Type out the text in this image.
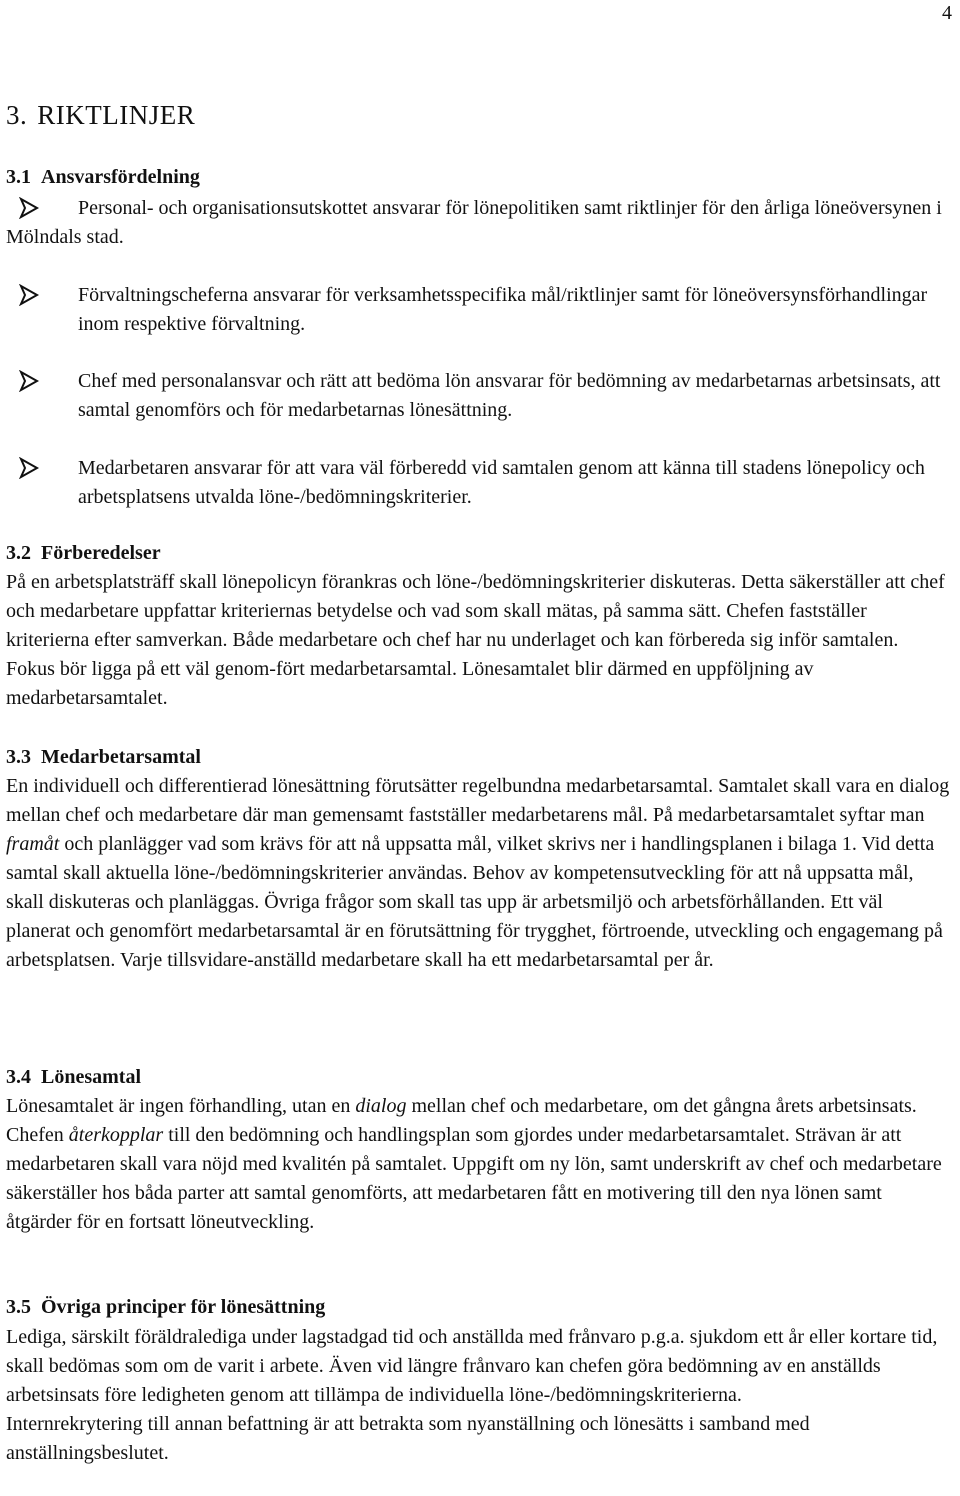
4
3. RIKTLINJER
3.1 Ansvarsfördelning
Personal- och organisationsutskottet ansvarar för lönepolitiken samt riktlinjer för den årliga löneöversynen i Mölndals stad.
Förvaltningscheferna ansvarar för verksamhetsspecifika mål/riktlinjer samt för löneöversynsförhandlingar inom respektive förvaltning.
Chef med personalansvar och rätt att bedöma lön ansvarar för bedömning av medarbetarnas arbetsinsats, att samtal genomförs och för medarbetarnas lönesättning.
Medarbetaren ansvarar för att vara väl förberedd vid samtalen genom att känna till stadens lönepolicy och arbetsplatsens utvalda löne-/bedömningskriterier.
3.2 Förberedelser
På en arbetsplatsträff skall lönepolicyn förankras och löne-/bedömningskriterier diskuteras. Detta säkerställer att chef och medarbetare uppfattar kriteriernas betydelse och vad som skall mätas, på samma sätt. Chefen fastställer kriterierna efter samverkan. Både medarbetare och chef har nu underlaget och kan förbereda sig inför samtalen. Fokus bör ligga på ett väl genom-fört medarbetarsamtal. Lönesamtalet blir därmed en uppföljning av medarbetarsamtalet.
3.3 Medarbetarsamtal
En individuell och differentierad lönesättning förutsätter regelbundna medarbetarsamtal. Samtalet skall vara en dialog mellan chef och medarbetare där man gemensamt fastställer medarbetarens mål. På medarbetarsamtalet syftar man framåt och planlägger vad som krävs för att nå uppsatta mål, vilket skrivs ner i handlingsplanen i bilaga 1. Vid detta samtal skall aktuella löne-/bedömningskriterier användas. Behov av kompetensutveckling för att nå uppsatta mål, skall diskuteras och planläggas. Övriga frågor som skall tas upp är arbetsmiljö och arbetsförhållanden. Ett väl planerat och genomfört medarbetarsamtal är en förutsättning för trygghet, förtroende, utveckling och engagemang på arbetsplatsen. Varje tillsvidare-anställd medarbetare skall ha ett medarbetarsamtal per år.
3.4 Lönesamtal
Lönesamtalet är ingen förhandling, utan en dialog mellan chef och medarbetare, om det gångna årets arbetsinsats. Chefen återkopplar till den bedömning och handlingsplan som gjordes under medarbetarsamtalet. Strävan är att medarbetaren skall vara nöjd med kvalitén på samtalet. Uppgift om ny lön, samt underskrift av chef och medarbetare säkerställer hos båda parter att samtal genomförts, att medarbetaren fått en motivering till den nya lönen samt åtgärder för en fortsatt löneutveckling.
3.5 Övriga principer för lönesättning
Lediga, särskilt föräldralediga under lagstadgad tid och anställda med frånvaro p.g.a. sjukdom ett år eller kortare tid, skall bedömas som om de varit i arbete. Även vid längre frånvaro kan chefen göra bedömning av en anställds arbetsinsats före ledigheten genom att tillämpa de individuella löne-/bedömningskriterierna.
Internrekrytering till annan befattning är att betrakta som nyanställning och lönesätts i samband med anställningsbeslutet.
